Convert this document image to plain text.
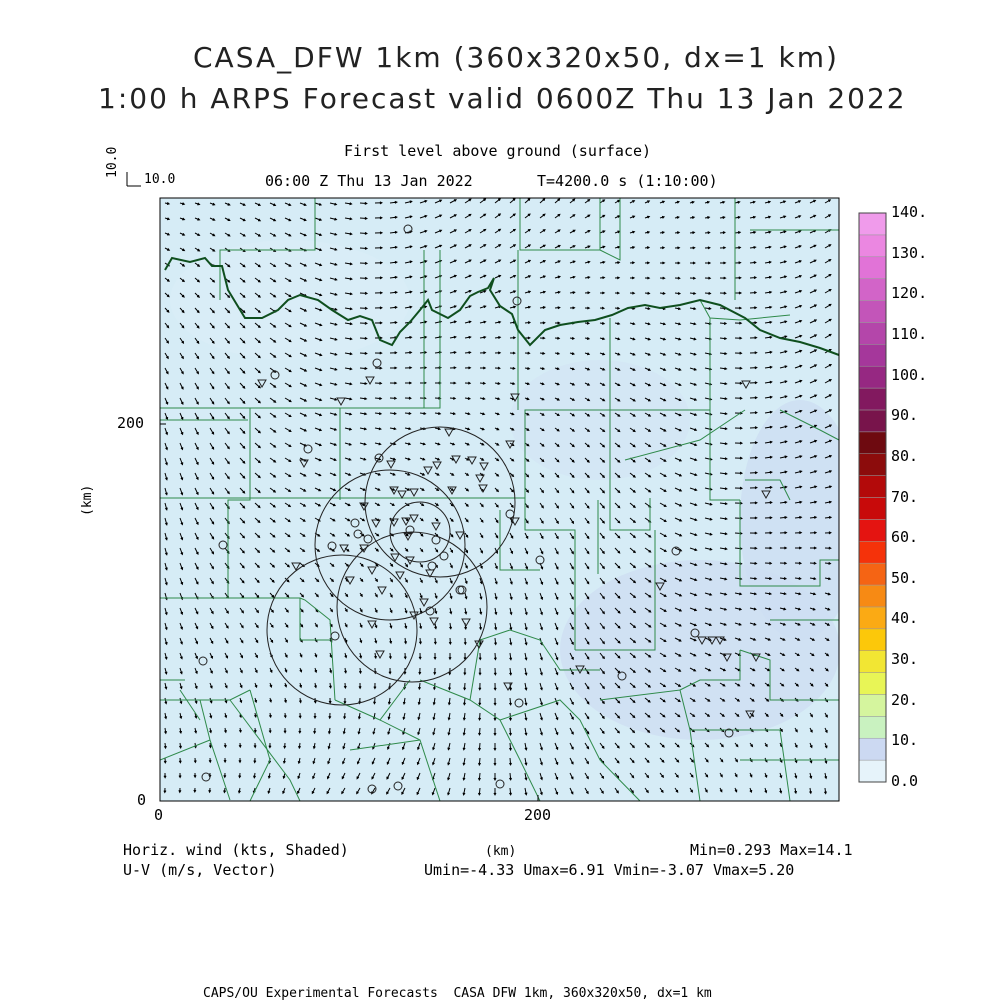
CASA_DFW 1km (360x320x50, dx=1 km)
1:00 h ARPS Forecast valid 0600Z Thu 13 Jan 2022
First level above ground (surface)
06:00 Z Thu 13 Jan 2022	T=4200.0 s (1:10:00)
10.0
10.0
200
0
0	200
(km)
(km)
0.0
10.
20.
30.
40.
50.
60.
70.
80.
90.
100.
110.
120.
130.
140.
Horiz. wind (kts, Shaded)
U-V (m/s, Vector)
Min=0.293 Max=14.1
Umin=-4.33 Umax=6.91 Vmin=-3.07 Vmax=5.20
CAPS/OU Experimental Forecasts  CASA DFW 1km, 360x320x50, dx=1 km
